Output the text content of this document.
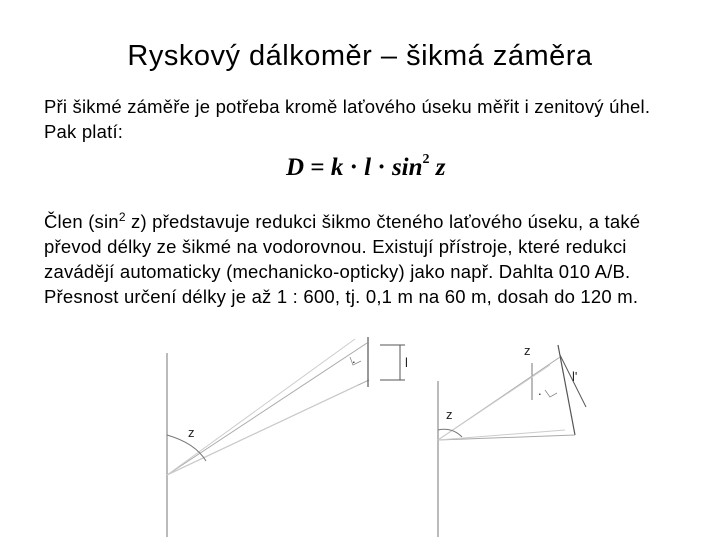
Ryskový dálkoměr – šikmá záměra
Při šikmé záměře je potřeba kromě laťového úseku měřit i zenitový úhel. Pak platí:
$D = k \cdot l \cdot \sin^2 z$
Člen ($\sin^2$ z) představuje redukci šikmo čteného laťového úseku, a také převod délky ze šikmé na vodorovnou. Existují přístroje, které redukci zavádějí automaticky (mechanicko-opticky) jako např. Dahlta 010 A/B. Přesnost určení délky je až 1 : 600, tj. 0,1 m na 60 m, dosah do 120 m.
z
l
.
z
z
l'
.
